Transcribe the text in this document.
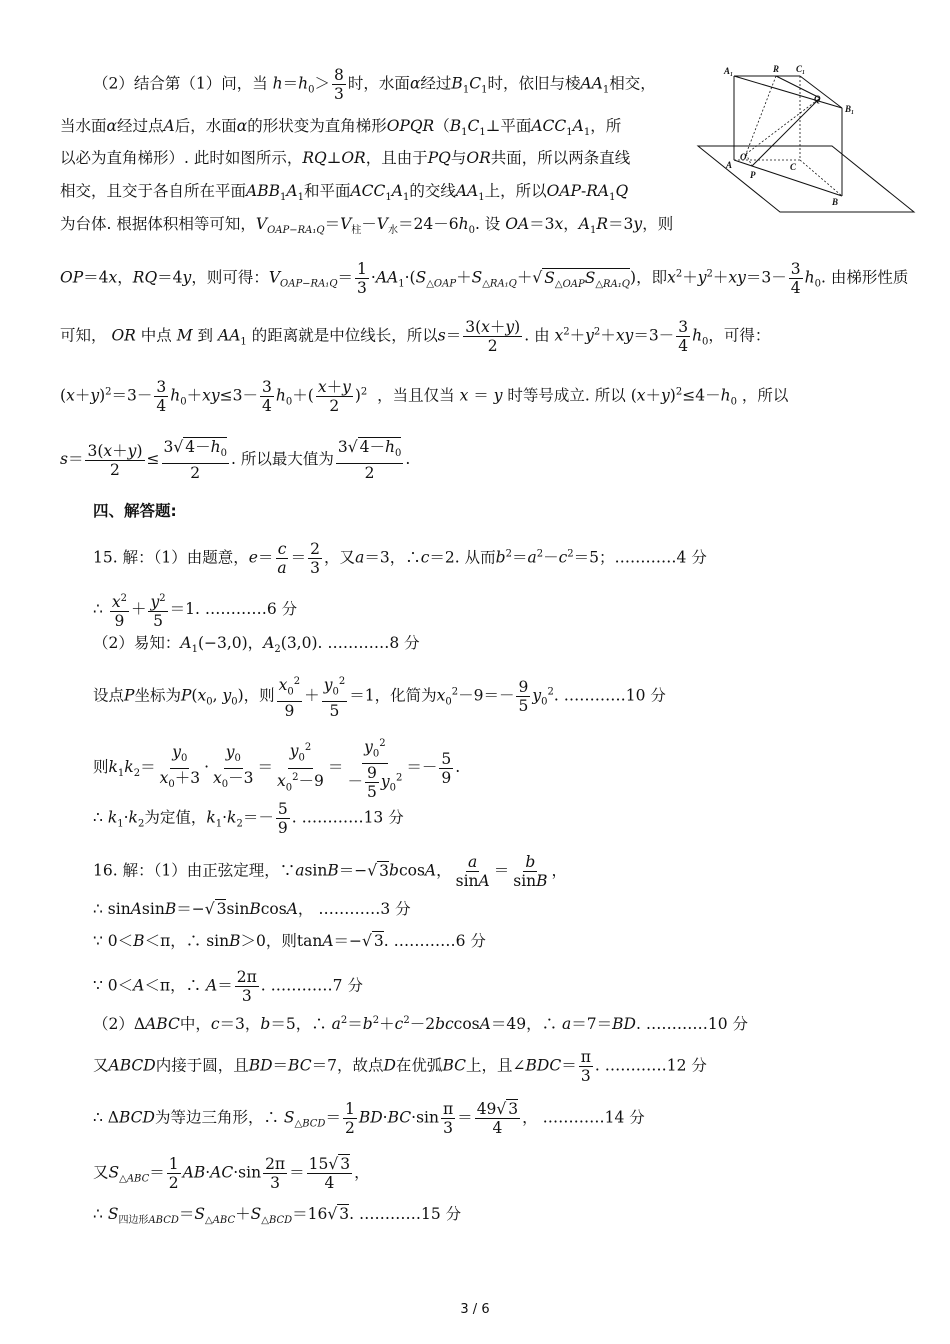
（2）结合第（1）问，当 $h=h_0> \frac{8}{3}$ 时，水面α经过$B_1C_1$时，依旧与棱$AA_1$相交，
当水面α经过点A后，水面α的形状变为直角梯形$OPQR(B_1C_1\perp$平面$ACC_1A_1$，所
以必为直角梯形）. 此时如图所示，RQ⊥OR，且由于PQ与OR共面，所以两条直线
相交，且交于各自所在平面$ABB_1A_1$和平面$ACC_1A_1$的交线$AA_1$上，所以OAP-$RA_1Q$
为台体. 根据体积相等可知，$V_{OAP-RA_1Q}=V_柱-V_水=24-6h_0$. 设 OA＝3x，$A_1R=3y$，则
OP＝4x，RQ＝4y，则可得：$V_{OAP-RA_1Q}= \frac{1}{3} \cdot AA_1\cdot(S_{\triangle OAP}+S_{\triangle RA_1Q}+√$ $S_{\triangle OAP}S_{\triangle RA_1Q}$)，即$x^2+y^2+xy=3- \frac{3}{4} h_0$. 由梯形性质
可知， OR 中点 M 到 $AA_1$ 的距离就是中位线长，所以$s= \frac{3(x+y)}{2}$ . 由 $x^2+y^2+xy=3- \frac{3}{4} h_0$，可得：
$(x+y)^2=3- \frac{3}{4} h_0+xy\le 3- \frac{3}{4} h_0+( \frac{x+y}{2} )^2$ ，当且仅当 x ＝ y 时等号成立. 所以 $(x+y)^2\le 4-h_0$ ，所以
$s= \frac{3(x+y)}{2} \le \frac{3√ 4-h_0}{2}$ . 所以最大值为 $\frac{3√ 4-h_0}{2}$ .
四、解答题:
15. 解：（1）由题意，$e= \frac{c}{a} = \frac{2}{3}$ ，又a＝3，∴c＝2. 从而$b^2=a^2-c^2=5$；…………4 分
∴ $\frac{x^2}{9} + \frac{y^2}{5} =1$. …………6 分
（2）易知：$A_1(-3,0)$，$A_2(3,0)$. …………8 分
设点P坐标为$P(x_0$, $y_0$)，则 $\frac{x_0^2}{9} + \frac{y_0^2}{5} =1$，化简为$x_0^2-9=- \frac{9}{5} y_0^2$. …………10 分
则$k_1k_2= \frac{y_0}{x_0+3} \cdot \frac{y_0}{x_0-3} = \frac{y_0^2}{x_0^2-9} = \frac{y_0^2}{- \frac{9}{5} y_0^2} =- \frac{5}{9}$ .
∴ $k_1\cdot k_2$为定值，$k_1\cdot k_2=- \frac{5}{9}$ . …………13 分
16. 解：（1）由正弦定理，∵asinB＝−√ 3bcosA， $\frac{a}{\sin A} = \frac{b}{\sin B}$ ，
∴ sinAsinB＝−√ 3sinBcosA， …………3 分
∵ 0＜B＜π，∴ sinB＞0，则tanA＝−√ 3. …………6 分
∵ 0＜A＜π，∴ $A= \frac{2\pi}{3}$ . …………7 分
（2）ΔABC中，c＝3，b＝5，∴ $a^2=b^2+c^2-2bccosA=49$，∴ a＝7＝BD. …………10 分
又ABCD内接于圆，且BD＝BC＝7，故点D在优弧BC上，且∠BDC＝ $\frac{\pi}{3}$ . …………12 分
∴ ΔBCD为等边三角形，∴ $S_{\triangle BCD}= \frac{1}{2} BD\cdot BC\cdot\sin \frac{\pi}{3} = \frac{49√ 3}{4}$ ， …………14 分
又$S_{\triangle ABC}= \frac{1}{2} AB\cdot AC\cdot\sin \frac{2\pi}{3} = \frac{15√ 3}{4}$ ，
∴ $S_{四边形ABCD}=S_{\triangle ABC}+S_{\triangle BCD}=16√$ 3. …………15 分
A₁	R C₁
Q
B₁
A
O
P
C
B
3 / 6
